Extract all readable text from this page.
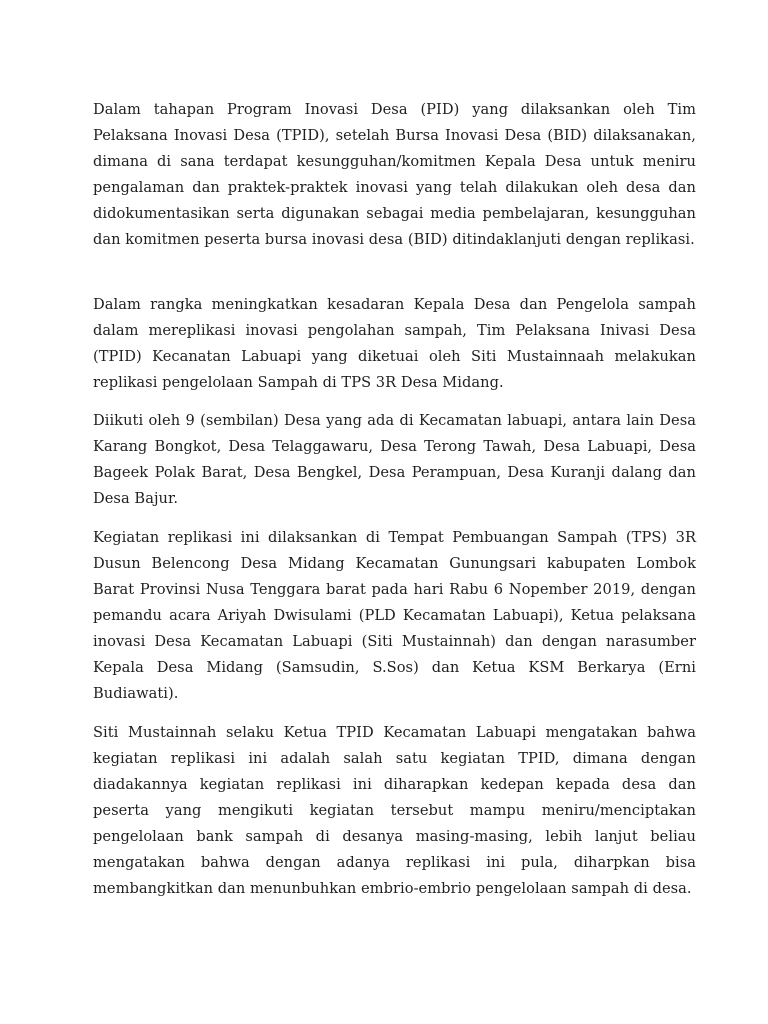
Dalam tahapan Program Inovasi Desa (PID) yang dilaksankan oleh Tim Pelaksana Inovasi Desa (TPID), setelah Bursa Inovasi Desa (BID) dilaksanakan, dimana di sana terdapat kesungguhan/komitmen Kepala Desa untuk meniru pengalaman dan praktek-praktek inovasi yang telah dilakukan oleh desa dan didokumentasikan serta digunakan sebagai media pembelajaran, kesungguhan dan komitmen peserta bursa inovasi desa (BID) ditindaklanjuti dengan replikasi.

Dalam rangka meningkatkan kesadaran Kepala Desa dan Pengelola sampah dalam mereplikasi inovasi pengolahan sampah, Tim Pelaksana Inivasi Desa (TPID) Kecanatan Labuapi yang diketuai oleh Siti Mustainnaah melakukan replikasi pengelolaan Sampah di TPS 3R Desa Midang.

Diikuti oleh 9 (sembilan) Desa yang ada di Kecamatan labuapi, antara lain Desa Karang Bongkot, Desa Telaggawaru, Desa Terong Tawah, Desa Labuapi, Desa Bageek Polak Barat, Desa Bengkel, Desa Perampuan, Desa Kuranji dalang dan Desa Bajur.

Kegiatan replikasi ini dilaksankan di Tempat Pembuangan Sampah (TPS) 3R Dusun Belencong Desa Midang Kecamatan Gunungsari kabupaten Lombok Barat Provinsi Nusa Tenggara barat pada hari Rabu 6 Nopember 2019, dengan pemandu acara Ariyah Dwisulami (PLD Kecamatan Labuapi), Ketua pelaksana inovasi Desa Kecamatan Labuapi (Siti Mustainnah) dan dengan narasumber Kepala Desa Midang (Samsudin, S.Sos) dan Ketua KSM Berkarya (Erni Budiawati).

Siti Mustainnah selaku Ketua TPID Kecamatan Labuapi mengatakan bahwa kegiatan replikasi ini adalah salah satu kegiatan TPID, dimana dengan diadakannya kegiatan replikasi ini diharapkan kedepan kepada desa dan peserta yang mengikuti kegiatan tersebut mampu meniru/menciptakan pengelolaan bank sampah di desanya masing-masing, lebih lanjut beliau mengatakan bahwa dengan adanya replikasi ini pula, diharpkan bisa membangkitkan dan menunbuhkan embrio-embrio pengelolaan sampah di desa.
